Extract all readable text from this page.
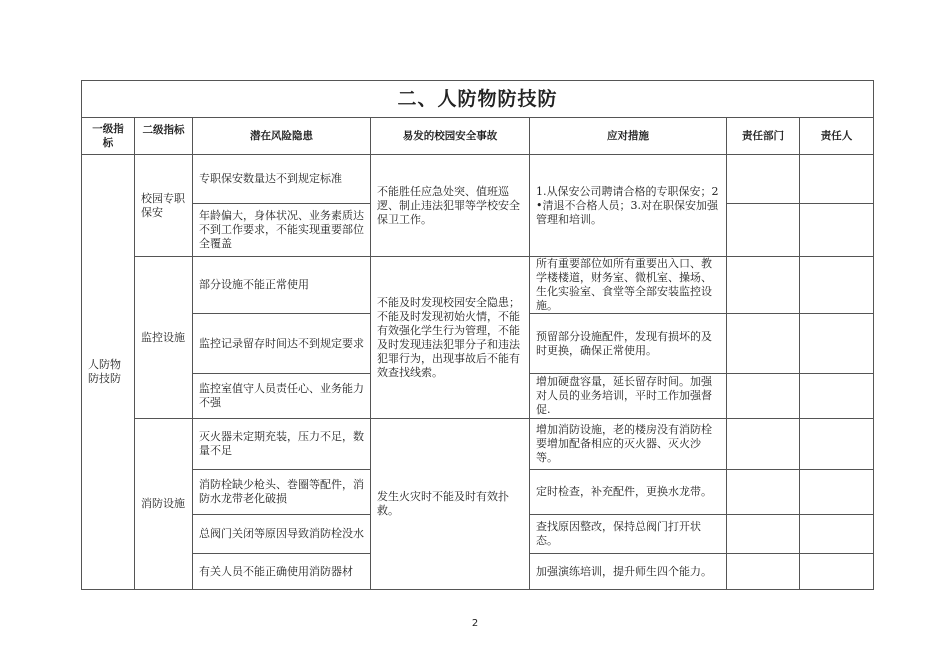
二、人防物防技防						
一级指标	二级指标	潜在风险隐患	易发的校园安全事故	应对措施	责任部门	责任人
人防物防技防	校园专职保安	专职保安数量达不到规定标准	不能胜任应急处突、值班巡逻、制止违法犯罪等学校安全保卫工作。	1.从保安公司聘请合格的专职保安；2•清退不合格人员；3.对在职保安加强管理和培训。		
		年龄偏大，身体状况、业务素质达不到工作要求，不能实现重要部位全覆盖				
	监控设施	部分设施不能正常使用	不能及时发现校园安全隐患；不能及时发现初始火情，不能有效强化学生行为管理，不能及时发现违法犯罪分子和违法犯罪行为，出现事故后不能有效查找线索。	所有重要部位如所有重要出入口、教学楼楼道，财务室、微机室、操场、生化实验室、食堂等全部安装监控设施。		
		监控记录留存时间达不到规定要求		预留部分设施配件，发现有损坏的及时更换，确保正常使用。		
		监控室值守人员责任心、业务能力不强		增加硬盘容量，延长留存时间。加强对人员的业务培训，平时工作加强督促.		
	消防设施	灭火器未定期充装，压力不足，数量不足	发生火灾时不能及时有效扑救。	增加消防设施，老的楼房没有消防栓要增加配备相应的灭火器、灭火沙等。		
		消防栓缺少枪头、巻圈等配件，消防水龙带老化破损		定时检查，补充配件，更换水龙带。		
		总阀门关闭等原因导致消防栓没水		查找原因整改，保持总阀门打开状态。		
		有关人员不能正确使用消防器材		加强演练培训，提升师生四个能力。		
2
